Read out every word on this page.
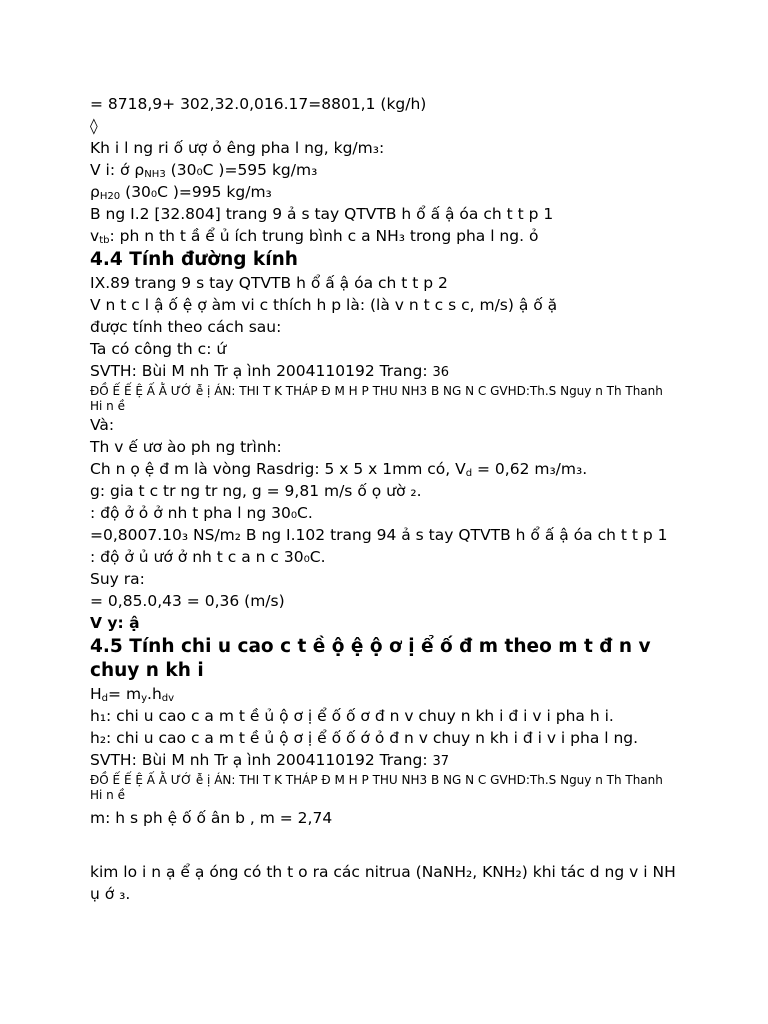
= 8718,9+ 302,32.0,016.17=8801,1 (kg/h)
◊
Kh i l ng ri ố ượ ỏ êng pha l ng, kg/m₃:
V i: ớ ρNH3 (30₀C )=595 kg/m₃
ρH20 (30₀C )=995 kg/m₃
B ng I.2 [32.804] trang 9 ả s tay QTVTB h ổ ấ ậ óa ch t t p 1
vtb: ph n th t ầ ể ủ ích trung bình c a NH₃ trong pha l ng. ỏ
4.4 Tính đường kính
IX.89 trang 9 s tay QTVTB h ổ ấ ậ óa ch t t p 2
V n t c l ậ ố ệ ợ àm vi c thích h p là: (là v n t c s c, m/s) ậ ố ặ
được tính theo cách sau:
Ta có công th c: ứ
SVTH: Bùi M nh Tr ạ ình 2004110192 Trang: 36
ĐỒ Ế Ế Ệ Ấ Ằ ƯỚ ễ ị ÁN: THI T K THÁP Đ M H P THU NH3 B NG N C GVHD:Th.S Nguy n Th Thanh
Hi n ề
Và:
Th v ế ươ ào ph ng trình:
Ch n ọ ệ đ m là vòng Rasdrig: 5 x 5 x 1mm có, Vd = 0,62 m₃/m₃.
g: gia t c tr ng tr ng, g = 9,81 m/s ố ọ ườ ₂.
: độ ở ỏ ở nh t pha l ng 30₀C.
=0,8007.10₃ NS/m₂ B ng I.102 trang 94 ả s tay QTVTB h ổ ấ ậ óa ch t t p 1
: độ ở ủ ướ ở nh t c a n c 30₀C.
Suy ra:
= 0,85.0,43 = 0,36 (m/s)
V y: ậ
4.5 Tính chi u cao c t ề ộ ệ ộ ơ ị ể ố đ m theo m t đ n v chuy n kh i
Hd= my.hdv
h₁: chi u cao c a m t ề ủ ộ ơ ị ể ố ố ơ đ n v chuy n kh i đ i v i pha h i.
h₂: chi u cao c a m t ề ủ ộ ơ ị ể ố ố ớ ỏ đ n v chuy n kh i đ i v i pha l ng.
SVTH: Bùi M nh Tr ạ ình 2004110192 Trang: 37
ĐỒ Ế Ế Ệ Ấ Ằ ƯỚ ễ ị ÁN: THI T K THÁP Đ M H P THU NH3 B NG N C GVHD:Th.S Nguy n Th Thanh
Hi n ề
m: h s ph ệ ố ố ân b , m = 2,74
kim lo i n ạ ể ạ óng có th t o ra các nitrua (NaNH₂, KNH₂) khi tác d ng v i NH ụ ớ ₃.
